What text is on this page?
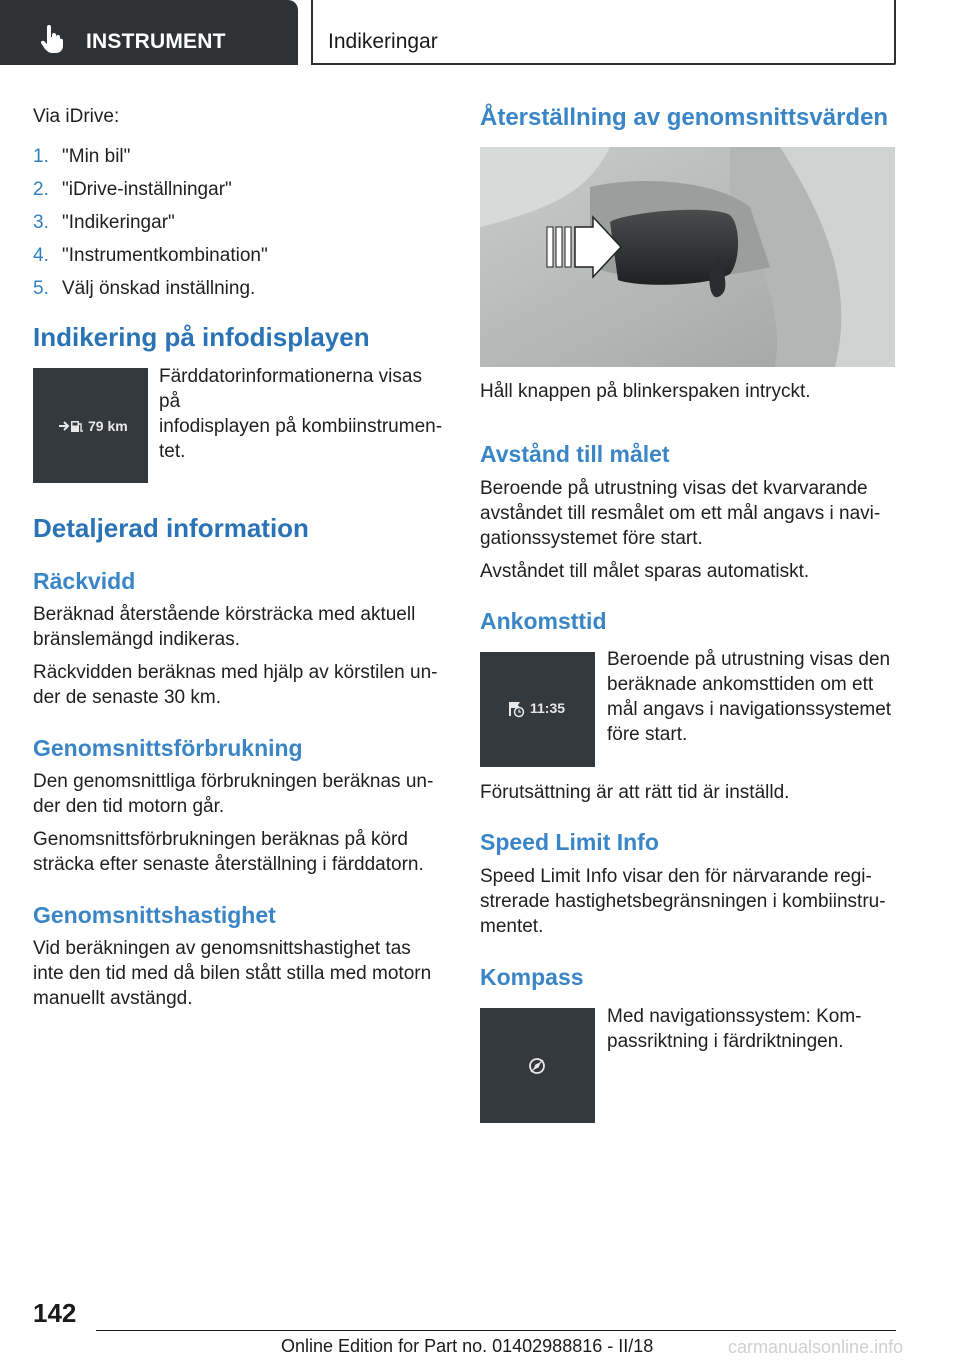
INSTRUMENT	Indikeringar
Via iDrive:
1. "Min bil"
2. "iDrive-inställningar"
3. "Indikeringar"
4. "Instrumentkombination"
5. Välj önskad inställning.
Indikering på infodisplayen
79 km
Färddatorinformationerna visas på
infodisplayen på kombiinstrumen-
tet.
Detaljerad information
Räckvidd
Beräknad återstående körsträcka med aktuell
bränslemängd indikeras.
Räckvidden beräknas med hjälp av körstilen un-
der de senaste 30 km.
Genomsnittsförbrukning
Den genomsnittliga förbrukningen beräknas un-
der den tid motorn går.
Genomsnittsförbrukningen beräknas på körd
sträcka efter senaste återställning i färddatorn.
Genomsnittshastighet
Vid beräkningen av genomsnittshastighet tas
inte den tid med då bilen stått stilla med motorn
manuellt avstängd.
Återställning av genomsnittsvärden
Håll knappen på blinkerspaken intryckt.
Avstånd till målet
Beroende på utrustning visas det kvarvarande
avståndet till resmålet om ett mål angavs i navi-
gationssystemet före start.
Avståndet till målet sparas automatiskt.
Ankomsttid
11:35
Beroende på utrustning visas den
beräknade ankomsttiden om ett
mål angavs i navigationssystemet
före start.
Förutsättning är att rätt tid är inställd.
Speed Limit Info
Speed Limit Info visar den för närvarande regi-
strerade hastighetsbegränsningen i kombiinstru-
mentet.
Kompass
Med navigationssystem: Kom-
passriktning i färdriktningen.
142
Online Edition for Part no. 01402988816 - II/18	carmanualsonline.info
